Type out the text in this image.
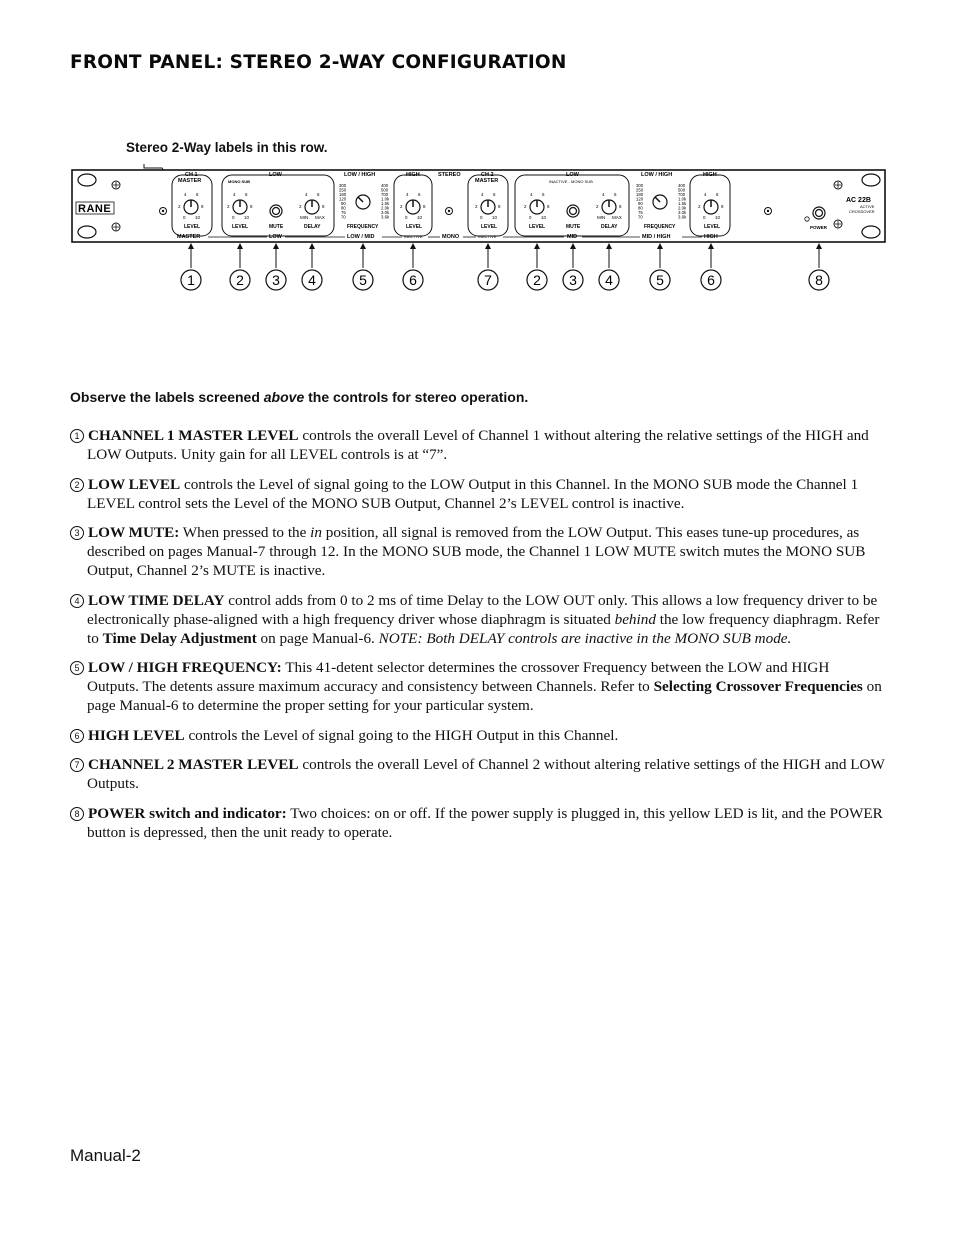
FRONT PANEL: STEREO 2-WAY CONFIGURATION
Stereo 2-Way labels in this row.
RANE
CH 1
MASTER
LOW
MONO SUB
LOW / HIGH	HIGH	STEREO	CH 2
MASTER
LOW
INACTIVE - MONO SUB
LOW / HIGH	HIGH
4 6
2	8
0 10
4 6
2	8
0 10
4 6
2	8
0 10
4 6
2	8
0 10
4 6
2	8
0 10
4 6
2	8
0 10
4 6
2	8
MIN MAX
4 6
2	8
MIN MAX
300
250
180
120
90
80
75
70
400
500
700
1.0k
1.5k
2.0k
3.0k
3.6k
300
250
180
120
90
80
75
70
400
500
700
1.0k
1.5k
2.0k
3.0k
3.6k
LEVEL	LEVEL	MUTE	DELAY	FREQUENCY	LEVEL	LEVEL	LEVEL	MUTE	DELAY	FREQUENCY	LEVEL
MASTER	LOW	LOW / MID	INACTIVE	MONO	INACTIVE	MID	MID / HIGH	HIGH
AC 22B
ACTIVE
CROSSOVER
POWER
1	2 3 4	5	6	7	2 3 4	5	6	8

Observe the labels screened above the controls for stereo operation.

1 CHANNEL 1 MASTER LEVEL controls the overall Level of Channel 1 without altering the relative settings of the HIGH and LOW Outputs. Unity gain for all LEVEL controls is at “7”.
2 LOW LEVEL controls the Level of signal going to the LOW Output in this Channel. In the MONO SUB mode the Channel 1 LEVEL control sets the Level of the MONO SUB Output, Channel 2’s LEVEL control is inactive.
3 LOW MUTE: When pressed to the in position, all signal is removed from the LOW Output. This eases tune-up procedures, as described on pages Manual-7 through 12. In the MONO SUB mode, the Channel 1 LOW MUTE switch mutes the MONO SUB Output, Channel 2’s MUTE is inactive.
4 LOW TIME DELAY control adds from 0 to 2 ms of time Delay to the LOW OUT only. This allows a low frequency driver to be electronically phase-aligned with a high frequency driver whose diaphragm is situated behind the low frequency diaphragm. Refer to Time Delay Adjustment on page Manual-6. NOTE: Both DELAY controls are inactive in the MONO SUB mode.
5 LOW / HIGH FREQUENCY: This 41-detent selector determines the crossover Frequency between the LOW and HIGH Outputs. The detents assure maximum accuracy and consistency between Channels. Refer to Selecting Crossover Frequencies on page Manual-6 to determine the proper setting for your particular system.
6 HIGH LEVEL controls the Level of signal going to the HIGH Output in this Channel.
7 CHANNEL 2 MASTER LEVEL controls the overall Level of Channel 2 without altering relative settings of the HIGH and LOW Outputs.
8 POWER switch and indicator: Two choices: on or off. If the power supply is plugged in, this yellow LED is lit, and the POWER button is depressed, then the unit ready to operate.
Manual-2
